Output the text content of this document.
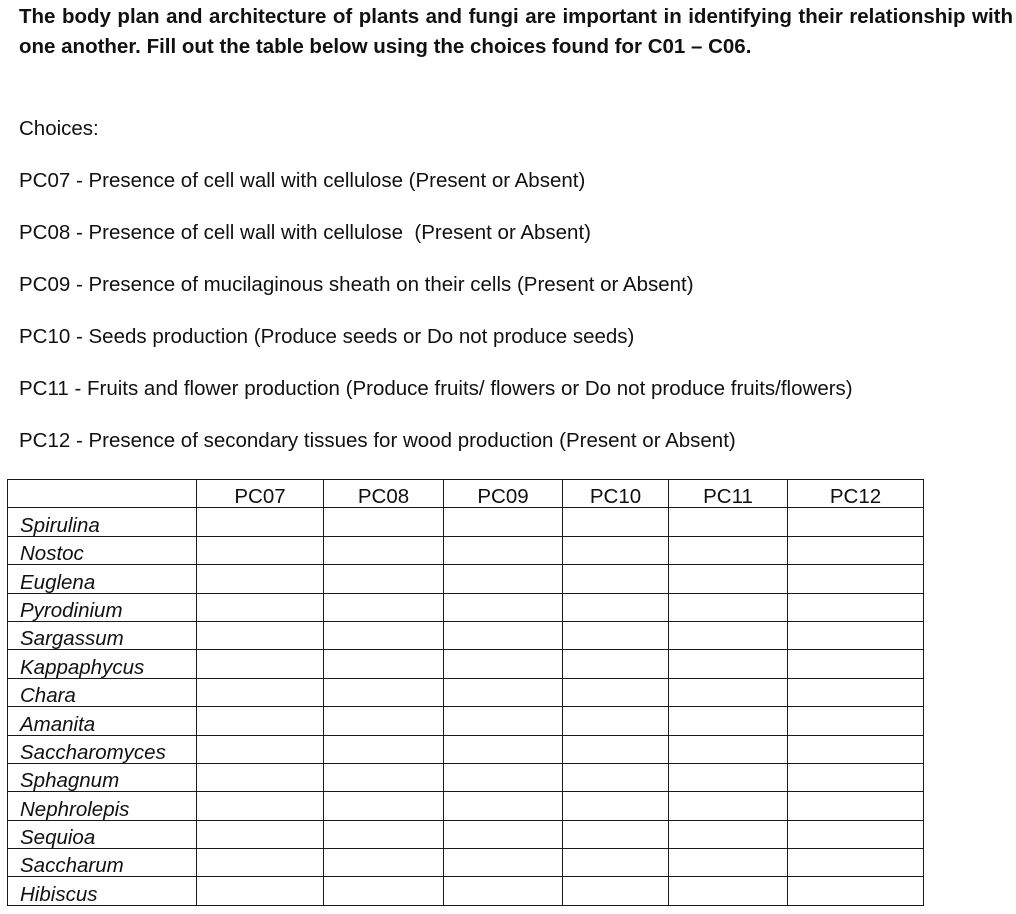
The body plan and architecture of plants and fungi are important in identifying their relationship with one another. Fill out the table below using the choices found for C01 – C06.

Choices:

PC07 - Presence of cell wall with cellulose (Present or Absent)

PC08 - Presence of cell wall with cellulose  (Present or Absent)

PC09 - Presence of mucilaginous sheath on their cells (Present or Absent)

PC10 - Seeds production (Produce seeds or Do not produce seeds)

PC11 - Fruits and flower production (Produce fruits/ flowers or Do not produce fruits/flowers)

PC12 - Presence of secondary tissues for wood production (Present or Absent)

	PC07	PC08	PC09	PC10	PC11	PC12
Spirulina						
Nostoc						
Euglena						
Pyrodinium						
Sargassum						
Kappaphycus						
Chara						
Amanita						
Saccharomyces						
Sphagnum						
Nephrolepis						
Sequioa						
Saccharum						
Hibiscus						
